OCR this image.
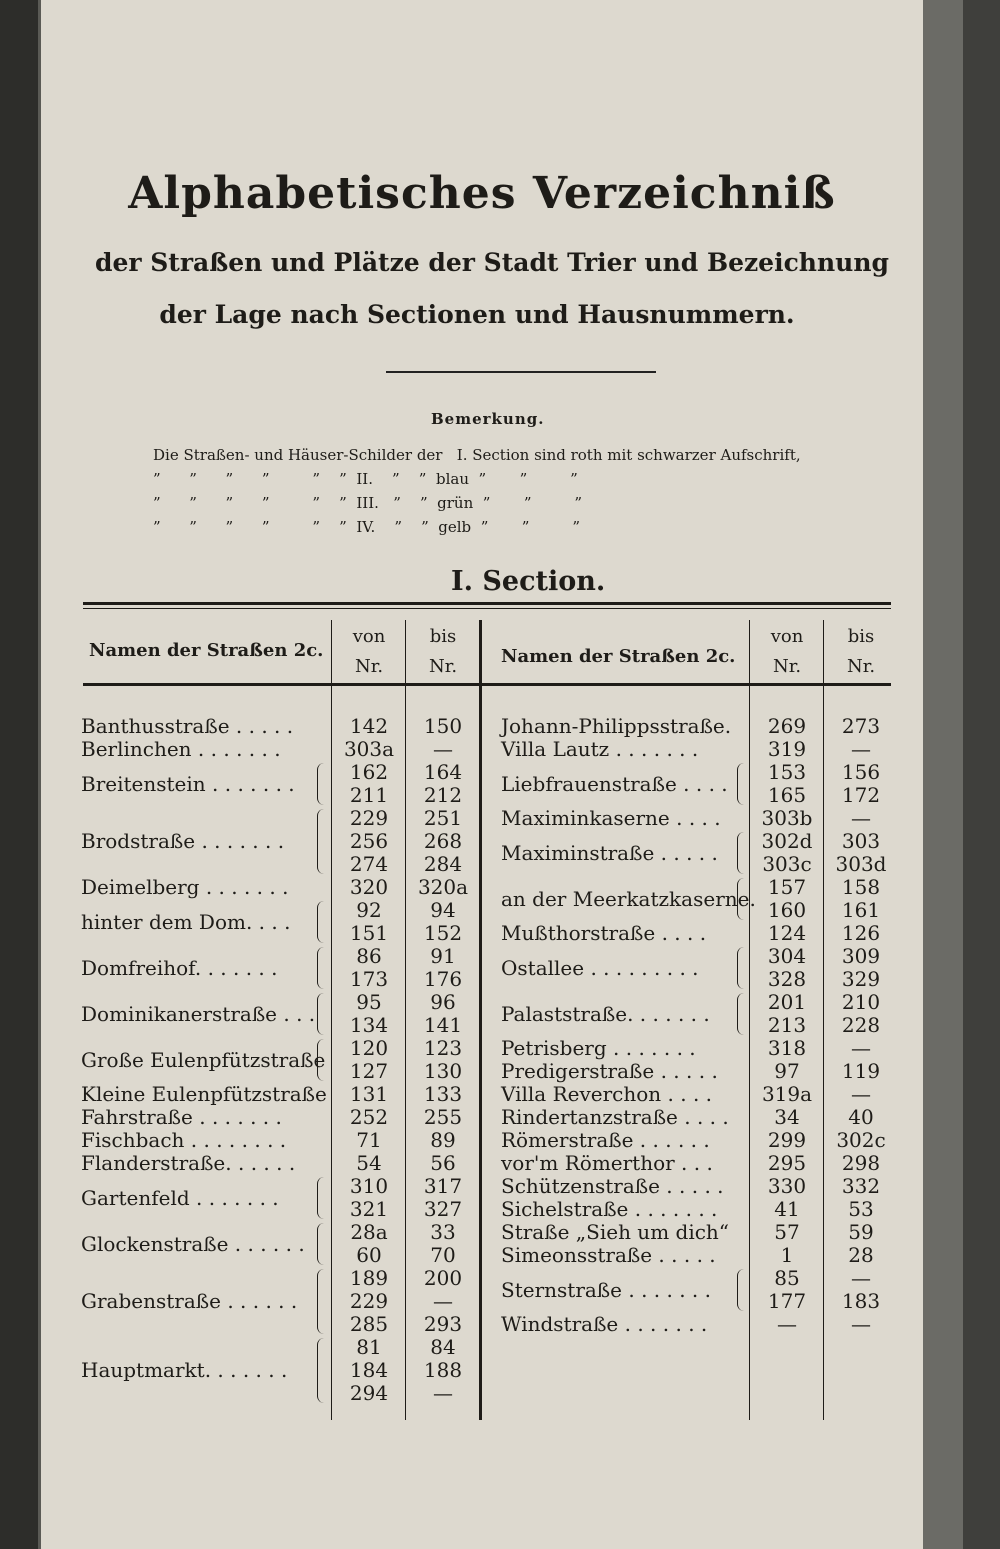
Alphabetisches Verzeichniß
der Straßen und Plätze der Stadt Trier und Bezeichnung
der Lage nach Sectionen und Hausnummern.
Bemerkung.
Die Straßen- und Häuser-Schilder der   I. Section sind roth mit schwarzer Aufschrift,
”      ”      ”      ”         ”    ”  II.    ”    ”  blau  ”       ”         ”
”      ”      ”      ”         ”    ”  III.   ”    ”  grün  ”       ”         ”
”      ”      ”      ”         ”    ”  IV.    ”    ”  gelb  ”       ”         ”
I. Section.
Namen der Straßen 2c.
von
Nr.
bis
Nr.	Namen der Straßen 2c.
von
Nr.
bis
Nr.
Banthusstraße . . . . .
Berlinchen . . . . . . .
Breitenstein . . . . . . .
Brodstraße . . . . . . .
Deimelberg . . . . . . .
hinter dem Dom. . . .
Domfreihof. . . . . . .
Dominikanerstraße . . .
Große Eulenpfützstraße
Kleine Eulenpfützstraße
Fahrstraße . . . . . . .
Fischbach . . . . . . . .
Flanderstraße. . . . . .
Gartenfeld . . . . . . .
Glockenstraße . . . . . .
Grabenstraße . . . . . .
Hauptmarkt. . . . . . .
142
303a
162
211
229
256
274
320
92
151
86
173
95
134
120
127
131
252
71
54
310
321
28a
60
189
229
285
81
184
294
150
—
164
212
251
268
284
320a
94
152
91
176
96
141
123
130
133
255
89
56
317
327
33
70
200
—
293
84
188
—
Johann-Philippsstraße.
Villa Lautz . . . . . . .
Liebfrauenstraße . . . .
Maximinkaserne . . . .
Maximinstraße . . . . .
an der Meerkatzkaserne.
Mußthorstraße . . . .
Ostallee . . . . . . . . .
Palaststraße. . . . . . .
Petrisberg . . . . . . .
Predigerstraße . . . . .
Villa Reverchon . . . .
Rindertanzstraße . . . .
Römerstraße . . . . . .
vor'm Römerthor . . .
Schützenstraße . . . . .
Sichelstraße . . . . . . .
Straße „Sieh um dich“
Simeonsstraße . . . . .
Sternstraße . . . . . . .
Windstraße . . . . . . .
269
319
153
165
303b
302d
303c
157
160
124
304
328
201
213
318
97
319a
34
299
295
330
41
57
1
85
177
—
273
—
156
172
—
303
303d
158
161
126
309
329
210
228
—
119
—
40
302c
298
332
53
59
28
—
183
—
